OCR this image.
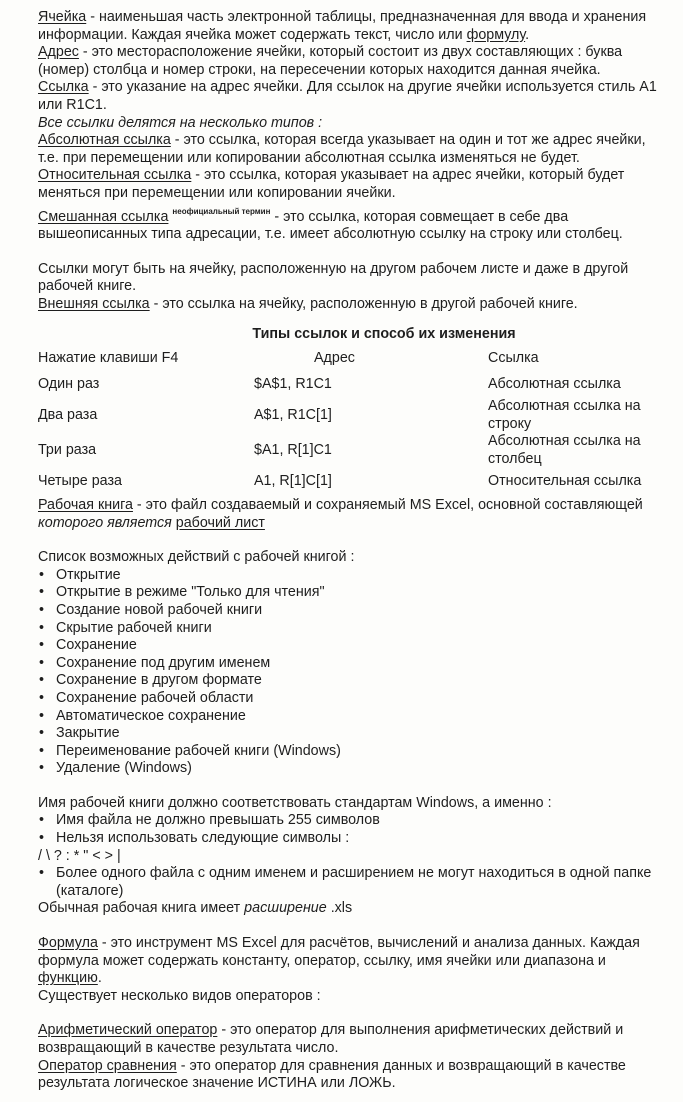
Ячейка - наименьшая часть электронной таблицы, предназначенная для ввода и хранения информации. Каждая ячейка может содержать текст, число или формулу.

Адрес - это месторасположение ячейки, который состоит из двух составляющих : буква (номер) столбца и номер строки, на пересечении которых находится данная ячейка.

Ссылка - это указание на адрес ячейки. Для ссылок на другие ячейки используется стиль A1 или R1C1.

Все ссылки делятся на несколько типов :

Абсолютная ссылка - это ссылка, которая всегда указывает на один и тот же адрес ячейки, т.е. при перемещении или копировании абсолютная ссылка изменяться не будет.

Относительная ссылка - это ссылка, которая указывает на адрес ячейки, который будет меняться при перемещении или копировании ячейки.

Смешанная ссылка $^{неофициальный термин}$ - это ссылка, которая совмещает в себе два вышеописанных типа адресации, т.е. имеет абсолютную ссылку на строку или столбец.

Ссылки могут быть на ячейку, расположенную на другом рабочем листе и даже в другой рабочей книге.

Внешняя ссылка - это ссылка на ячейку, расположенную в другой рабочей книге.

Типы ссылок и способ их изменения

Нажатие клавиши F4	Адрес	Ссылка
Один раз	$A$1, R1C1	Абсолютная ссылка
Два раза	A$1, R1C[1]	Абсолютная ссылка на строку
Три раза	$A1, R[1]C1	Абсолютная ссылка на столбец
Четыре раза	A1, R[1]C[1]	Относительная ссылка

Рабочая книга - это файл создаваемый и сохраняемый MS Excel, основной составляющей которого является рабочий лист

Список возможных действий с рабочей книгой :

• Открытие
• Открытие в режиме "Только для чтения"
• Создание новой рабочей книги
• Скрытие рабочей книги
• Сохранение
• Сохранение под другим именем
• Сохранение в другом формате
• Сохранение рабочей области
• Автоматическое сохранение
• Закрытие
• Переименование рабочей книги (Windows)
• Удаление (Windows)

Имя рабочей книги должно соответствовать стандартам Windows, а именно :

• Имя файла не должно превышать 255 символов
• Нельзя использовать следующие символы :

/ \ ? : * " < > |

• Более одного файла с одним именем и расширением не могут находиться в одной папке (каталоге)

Обычная рабочая книга имеет расширение .xls

Формула - это инструмент MS Excel для расчётов, вычислений и анализа данных. Каждая формула может содержать константу, оператор, ссылку, имя ячейки или диапазона и функцию.

Существует несколько видов операторов :

Арифметический оператор - это оператор для выполнения арифметических действий и возвращающий в качестве результата число.

Оператор сравнения - это оператор для сравнения данных и возвращающий в качестве результата логическое значение ИСТИНА или ЛОЖЬ.
